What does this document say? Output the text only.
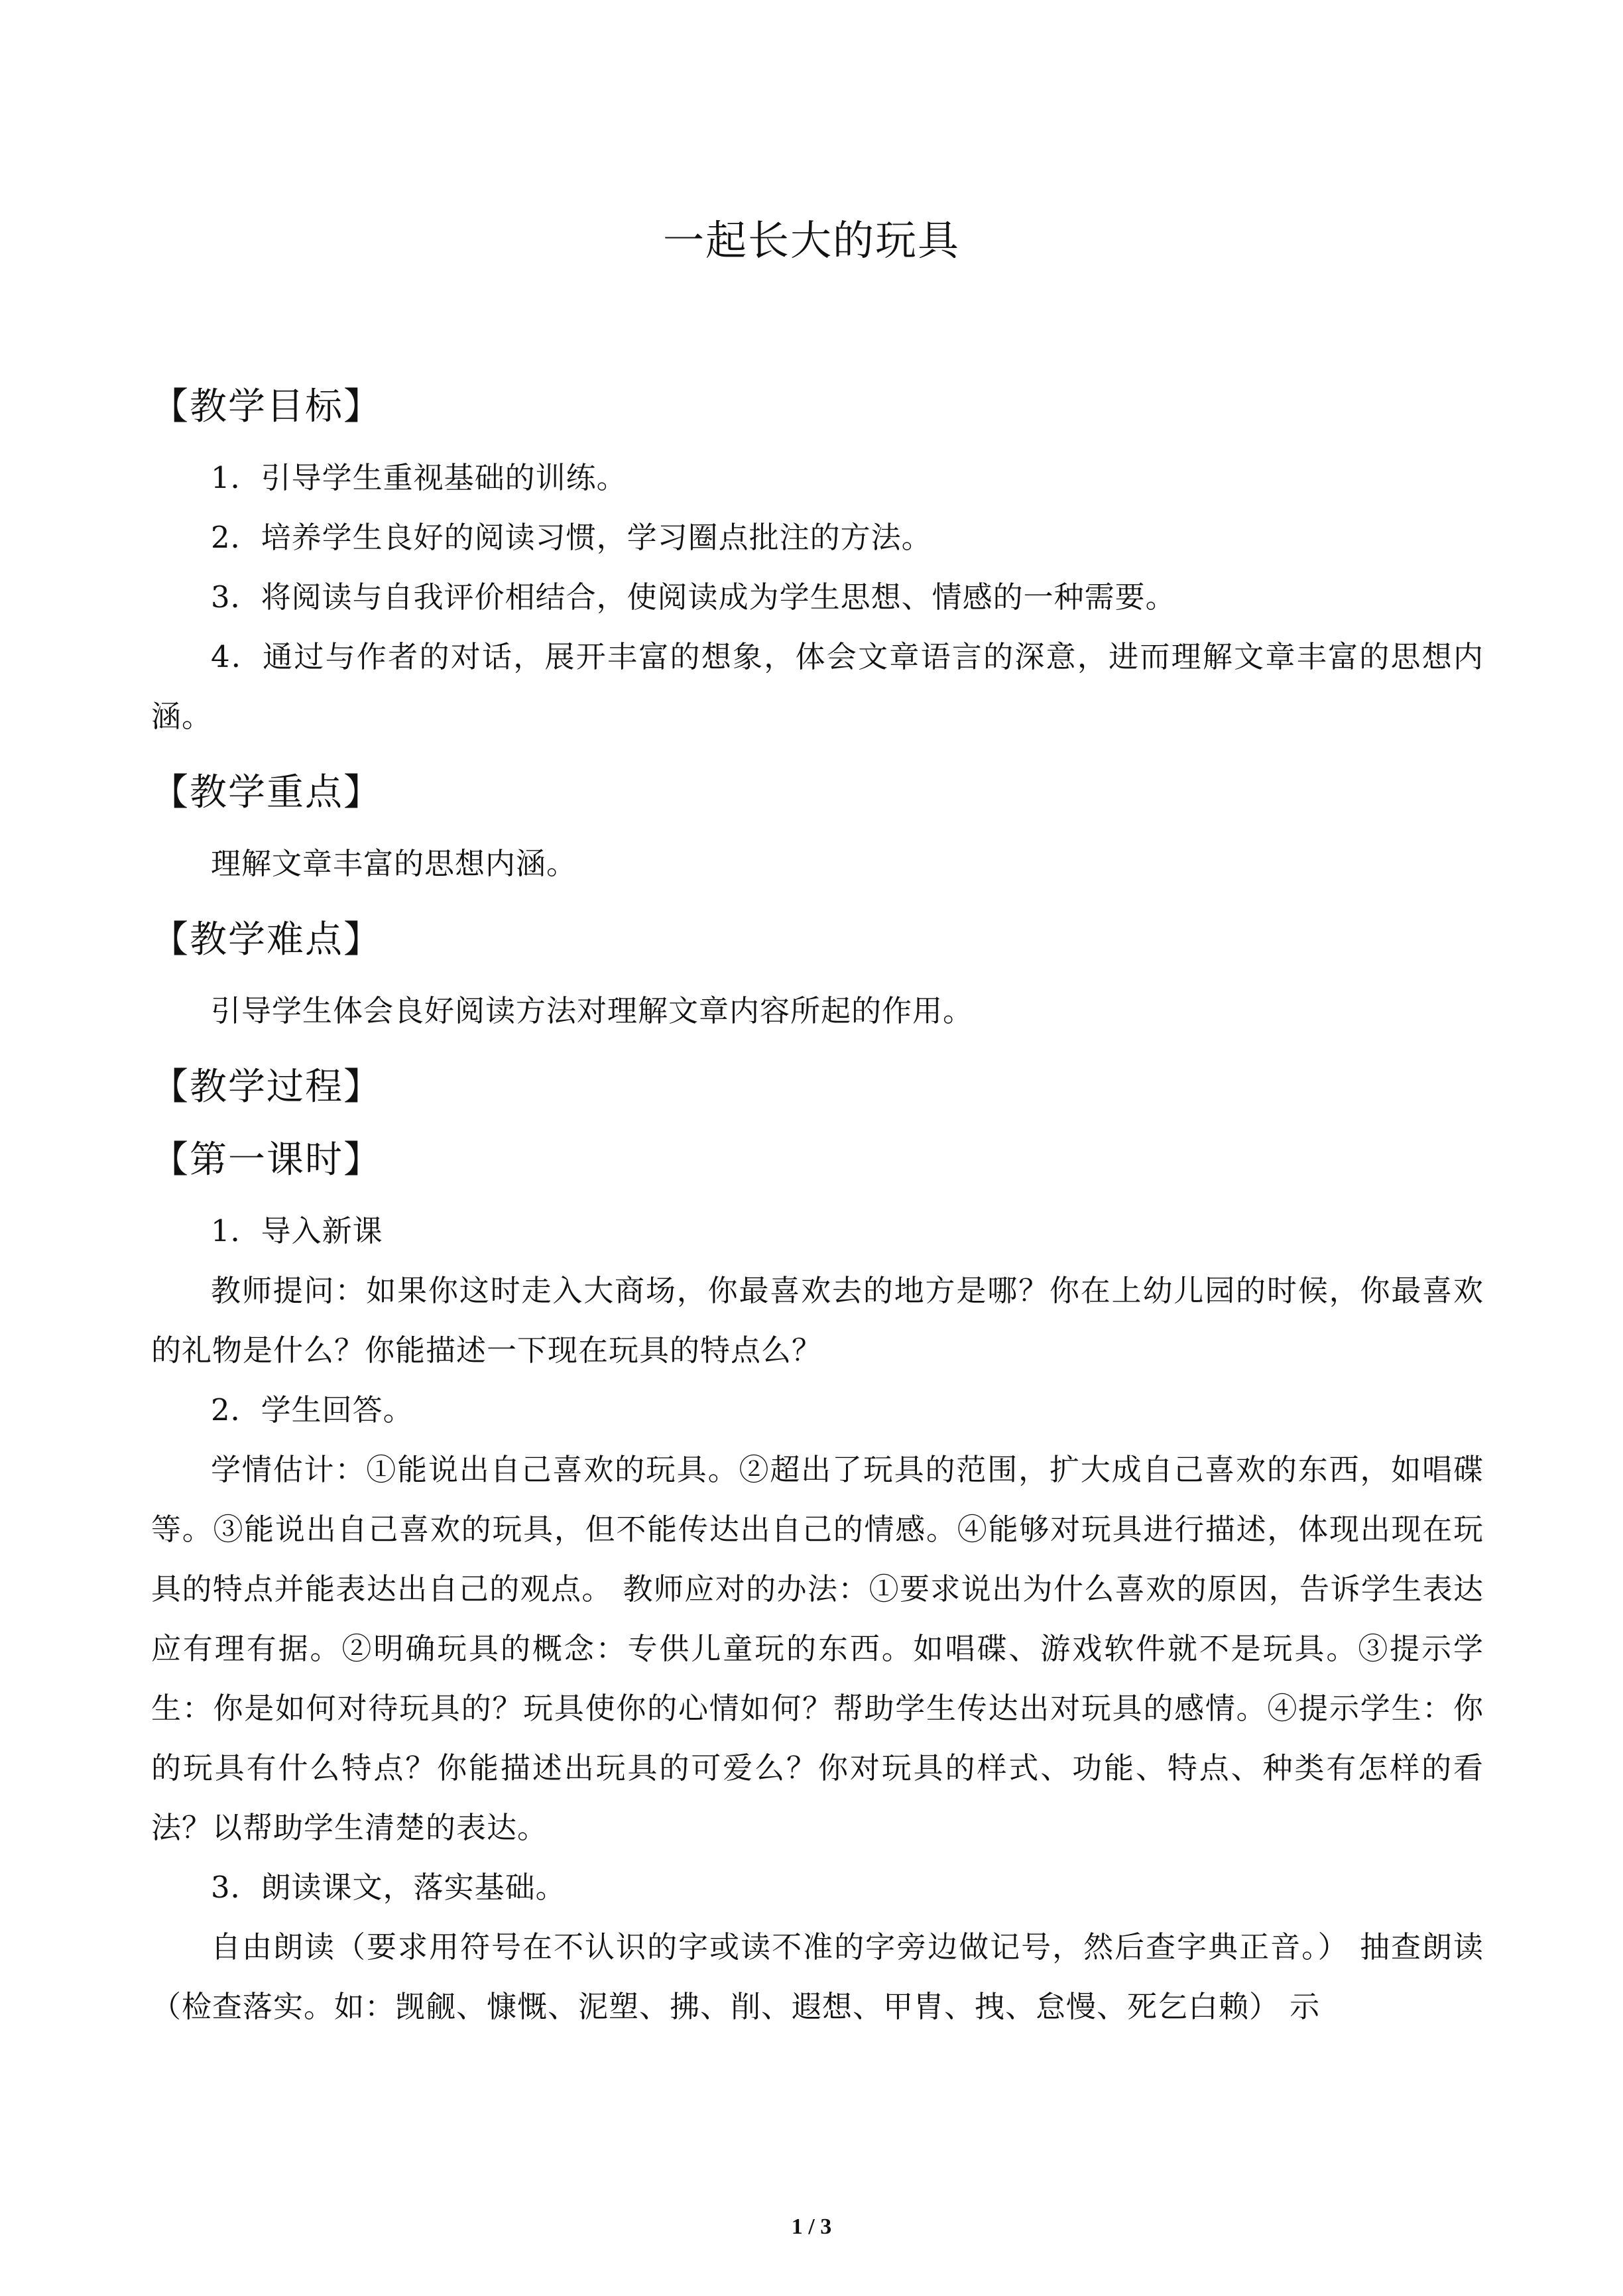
一起长大的玩具
【教学目标】

1．引导学生重视基础的训练。

2．培养学生良好的阅读习惯，学习圈点批注的方法。

3．将阅读与自我评价相结合，使阅读成为学生思想、情感的一种需要。

4．通过与作者的对话，展开丰富的想象，体会文章语言的深意，进而理解文章丰富的思想内涵。

【教学重点】

理解文章丰富的思想内涵。

【教学难点】

引导学生体会良好阅读方法对理解文章内容所起的作用。

【教学过程】
【第一课时】

1．导入新课

教师提问：如果你这时走入大商场，你最喜欢去的地方是哪？你在上幼儿园的时候，你最喜欢的礼物是什么？你能描述一下现在玩具的特点么？

2．学生回答。

学情估计：①能说出自己喜欢的玩具。②超出了玩具的范围，扩大成自己喜欢的东西，如唱碟等。③能说出自己喜欢的玩具，但不能传达出自己的情感。④能够对玩具进行描述，体现出现在玩具的特点并能表达出自己的观点。 教师应对的办法：①要求说出为什么喜欢的原因，告诉学生表达应有理有据。②明确玩具的概念：专供儿童玩的东西。如唱碟、游戏软件就不是玩具。③提示学生：你是如何对待玩具的？玩具使你的心情如何？帮助学生传达出对玩具的感情。④提示学生：你的玩具有什么特点？你能描述出玩具的可爱么？你对玩具的样式、功能、特点、种类有怎样的看法？以帮助学生清楚的表达。

3．朗读课文，落实基础。

自由朗读（要求用符号在不认识的字或读不准的字旁边做记号，然后查字典正音。） 抽查朗读（检查落实。如：觊觎、慷慨、泥塑、拂、削、遐想、甲胄、拽、怠慢、死乞白赖） 示

1 / 3
